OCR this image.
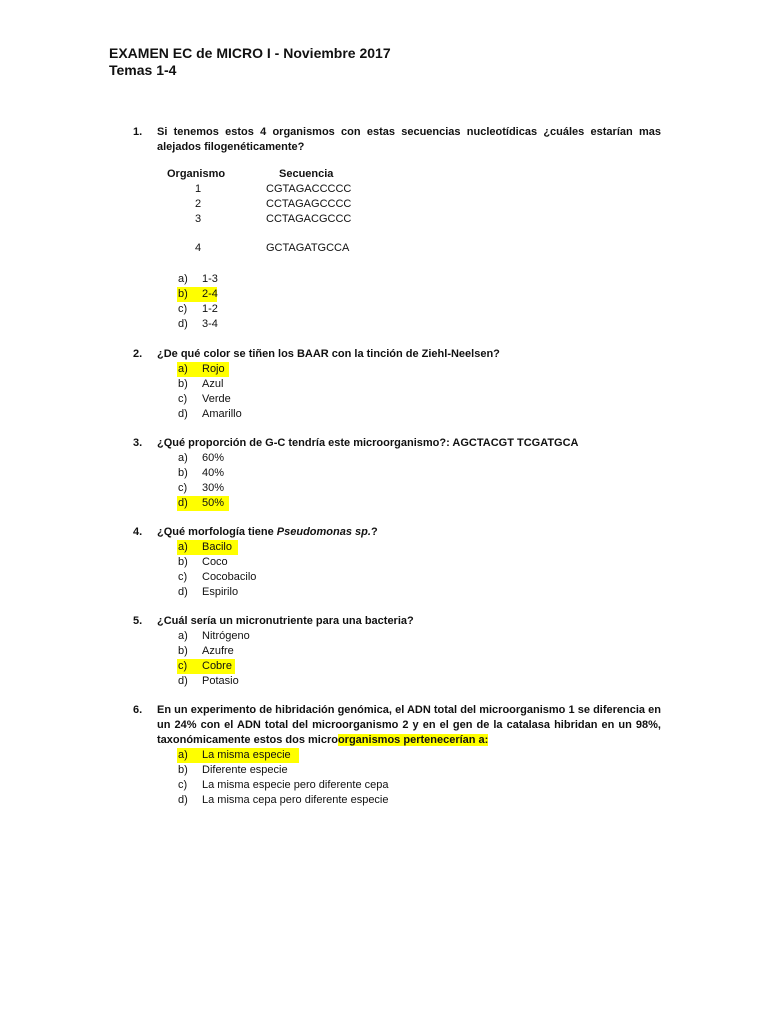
EXAMEN EC de MICRO I - Noviembre 2017
Temas 1-4
1. Si tenemos estos 4 organismos con estas secuencias nucleotídicas ¿cuáles estarían mas alejados filogenéticamente?
Organismo	Secuencia
1	CGTAGACCCCC
2	CCTAGAGCCCC
3	CCTAGACGCCC
4	GCTAGATGCCA
a) 1-3
b) 2-4
c) 1-2
d) 3-4
2. ¿De qué color se tiñen los BAAR con la tinción de Ziehl-Neelsen?
a) Rojo
b) Azul
c) Verde
d) Amarillo
3. ¿Qué proporción de G-C tendría este microorganismo?: AGCTACGT TCGATGCA
a) 60%
b) 40%
c) 30%
d) 50%
4. ¿Qué morfología tiene Pseudomonas sp.?
a) Bacilo
b) Coco
c) Cocobacilo
d) Espirilo
5. ¿Cuál sería un micronutriente para una bacteria?
a) Nitrógeno
b) Azufre
c) Cobre
d) Potasio
6. En un experimento de hibridación genómica, el ADN total del microorganismo 1 se diferencia en un 24% con el ADN total del microorganismo 2 y en el gen de la catalasa hibridan en un 98%, taxonómicamente estos dos microorganismos pertenecerían a:
a) La misma especie
b) Diferente especie
c) La misma especie pero diferente cepa
d) La misma cepa pero diferente especie
